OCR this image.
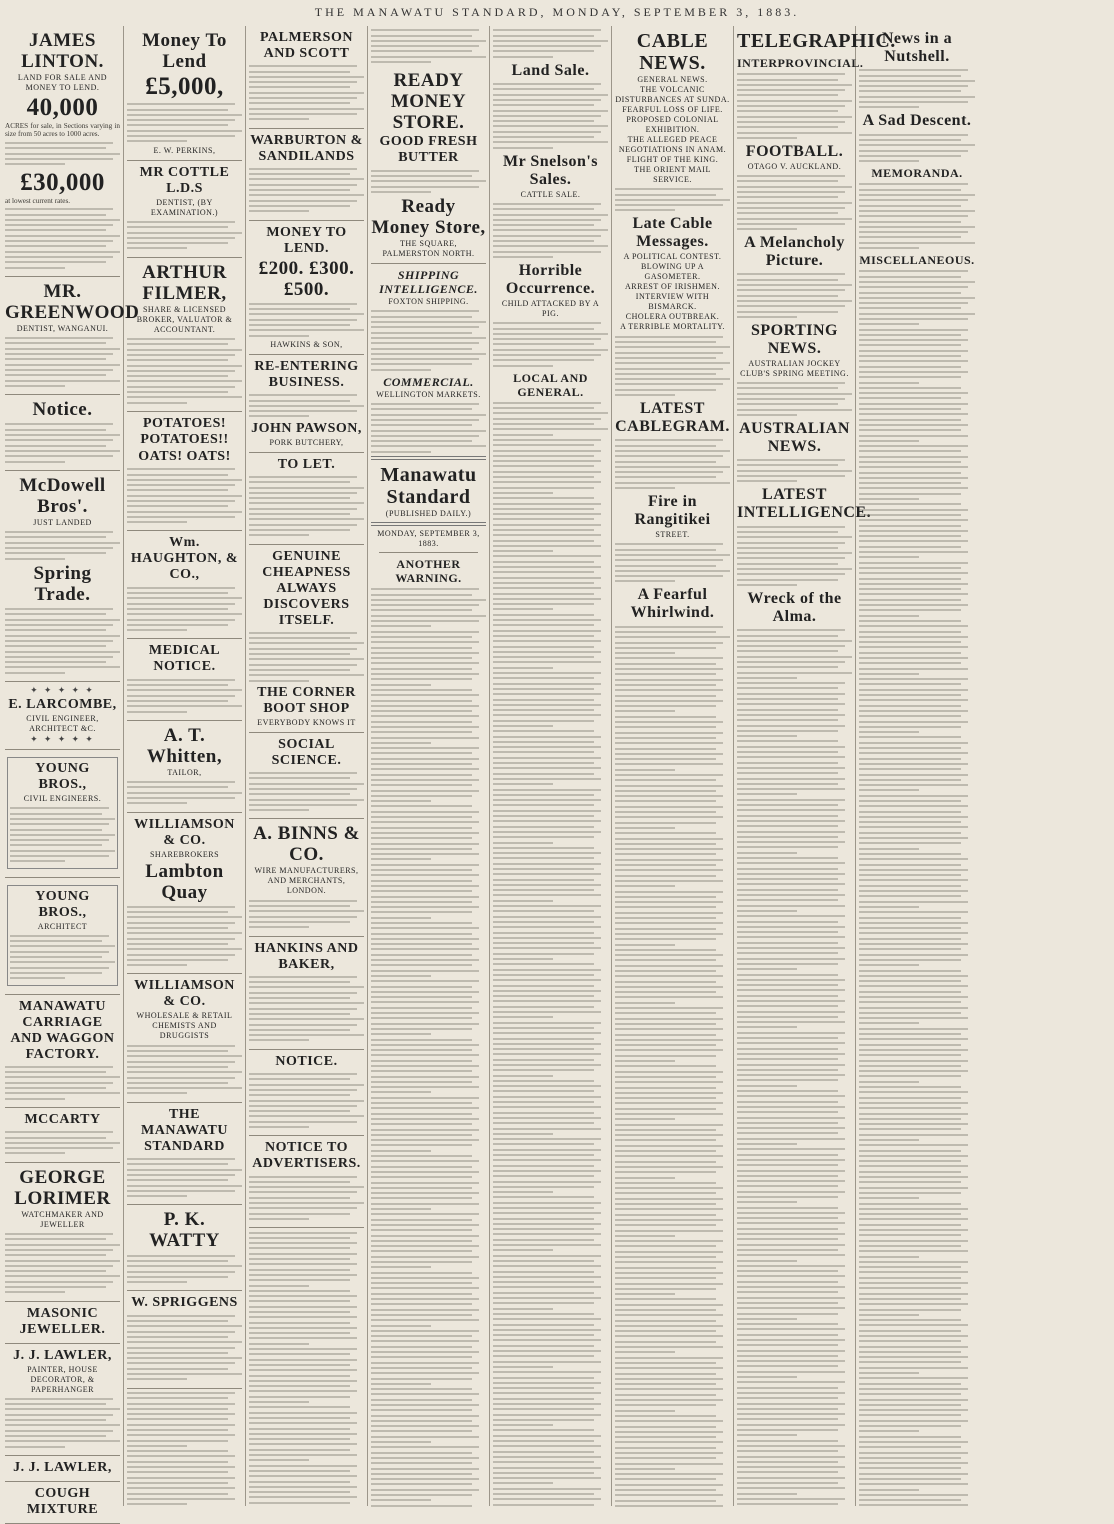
THE MANAWATU STANDARD, MONDAY, SEPTEMBER 3, 1883.
JAMES LINTON.
LAND FOR SALE AND MONEY TO LEND.
40,000
ACRES for sale, in Sections varying in size from 50 acres to 1000 acres.
£30,000
at lowest current rates.
MR. GREENWOOD
DENTIST, WANGANUI.
Notice.
McDowell Bros'.
JUST LANDED
Spring Trade.
✦ ✦ ✦ ✦ ✦
E. LARCOMBE,
CIVIL ENGINEER, ARCHITECT &C.
✦ ✦ ✦ ✦ ✦
YOUNG BROS.,
CIVIL ENGINEERS.
YOUNG BROS.,
ARCHITECT
MANAWATU CARRIAGE AND WAGGON FACTORY.
MCCARTY
GEORGE LORIMER
WATCHMAKER AND JEWELLER
MASONIC JEWELLER.
J. J. LAWLER,
PAINTER, HOUSE DECORATOR, & PAPERHANGER
J. J. LAWLER,
COUGH MIXTURE
Money To Lend
£5,000,
E. W. PERKINS,
MR COTTLE L.D.S
DENTIST, (BY EXAMINATION.)
ARTHUR FILMER,
SHARE & LICENSED BROKER, VALUATOR & ACCOUNTANT.
POTATOES! POTATOES!!
OATS! OATS!
Wm. HAUGHTON, & CO.,
MEDICAL NOTICE.
A. T. Whitten,
TAILOR,
WILLIAMSON & CO.
SHAREBROKERS
Lambton Quay
WILLIAMSON & CO.
WHOLESALE & RETAIL CHEMISTS AND DRUGGISTS
THE MANAWATU STANDARD
P. K. WATTY
W. SPRIGGENS
PALMERSON AND SCOTT
WARBURTON & SANDILANDS
MONEY TO LEND.
£200. £300. £500.
HAWKINS & SON,
RE-ENTERING BUSINESS.
JOHN PAWSON,
PORK BUTCHERY,
TO LET.
GENUINE CHEAPNESS ALWAYS DISCOVERS ITSELF.
THE CORNER BOOT SHOP
EVERYBODY KNOWS IT
SOCIAL SCIENCE.
A. BINNS & CO.
WIRE MANUFACTURERS, AND MERCHANTS, LONDON.
HANKINS AND BAKER,
NOTICE.
NOTICE TO ADVERTISERS.
READY MONEY STORE.
GOOD FRESH BUTTER
Ready Money Store,
THE SQUARE, PALMERSTON NORTH.
SHIPPING INTELLIGENCE.
FOXTON SHIPPING.
COMMERCIAL.
WELLINGTON MARKETS.
Manawatu Standard
(PUBLISHED DAILY.)
MONDAY, SEPTEMBER 3, 1883.
ANOTHER WARNING.
Land Sale.
Mr Snelson's Sales.
CATTLE SALE.
Horrible Occurrence.
CHILD ATTACKED BY A PIG.
LOCAL AND GENERAL.
CABLE NEWS.
GENERAL NEWS.
THE VOLCANIC DISTURBANCES AT SUNDA.
FEARFUL LOSS OF LIFE.
PROPOSED COLONIAL EXHIBITION.
THE ALLEGED PEACE NEGOTIATIONS IN ANAM.
FLIGHT OF THE KING.
THE ORIENT MAIL SERVICE.
Late Cable Messages.
A POLITICAL CONTEST.
BLOWING UP A GASOMETER.
ARREST OF IRISHMEN.
INTERVIEW WITH BISMARCK.
CHOLERA OUTBREAK.
A TERRIBLE MORTALITY.
LATEST CABLEGRAM.
Fire in Rangitikei
STREET.
A Fearful Whirlwind.
TELEGRAPHIC.
INTERPROVINCIAL.
FOOTBALL.
OTAGO V. AUCKLAND.
A Melancholy Picture.
SPORTING NEWS.
AUSTRALIAN JOCKEY CLUB'S SPRING MEETING.
AUSTRALIAN NEWS.
LATEST INTELLIGENCE.
Wreck of the Alma.
News in a Nutshell.
A Sad Descent.
MEMORANDA.
MISCELLANEOUS.
